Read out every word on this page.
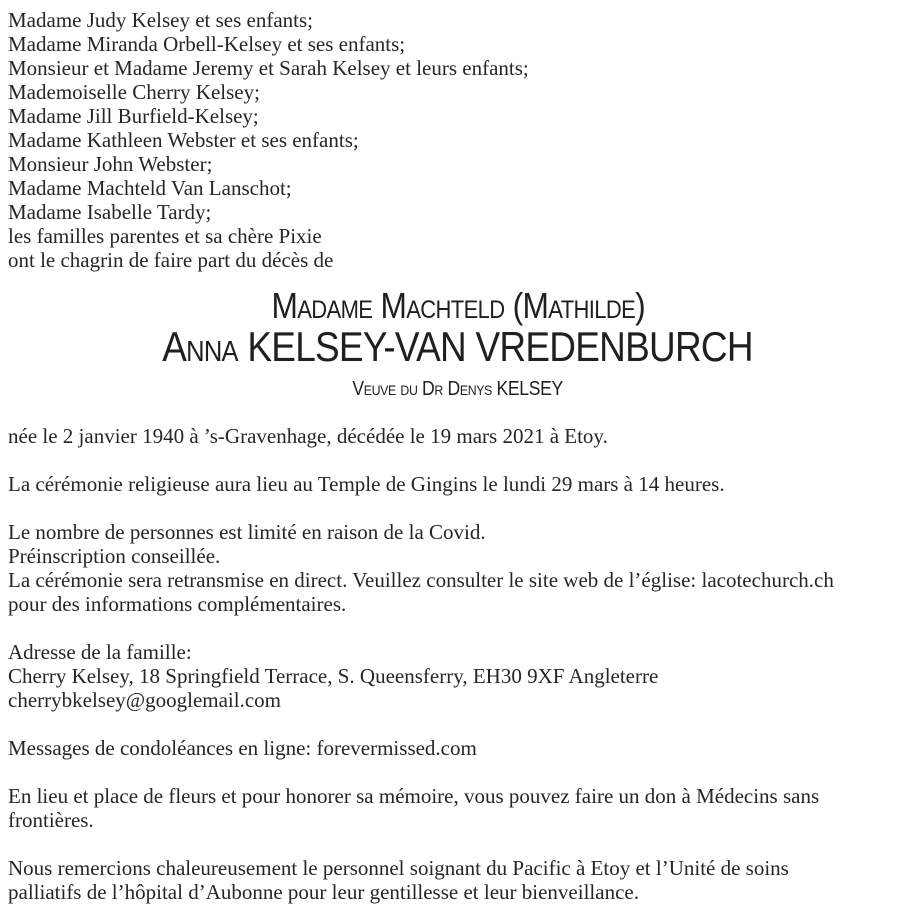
Madame Judy Kelsey et ses enfants;
Madame Miranda Orbell-Kelsey et ses enfants;
Monsieur et Madame Jeremy et Sarah Kelsey et leurs enfants;
Mademoiselle Cherry Kelsey;
Madame Jill Burfield-Kelsey;
Madame Kathleen Webster et ses enfants;
Monsieur John Webster;
Madame Machteld Van Lanschot;
Madame Isabelle Tardy;
les familles parentes et sa chère Pixie
ont le chagrin de faire part du décès de
Madame Machteld (Mathilde)
Anna KELSEY-VAN VREDENBURCH
Veuve du Dr Denys KELSEY
née le 2 janvier 1940 à ’s-Gravenhage, décédée le 19 mars 2021 à Etoy.
La cérémonie religieuse aura lieu au Temple de Gingins le lundi 29 mars à 14 heures.
Le nombre de personnes est limité en raison de la Covid.
Préinscription conseillée.
La cérémonie sera retransmise en direct. Veuillez consulter le site web de l’église: lacotechurch.ch
pour des informations complémentaires.
Adresse de la famille:
Cherry Kelsey, 18 Springfield Terrace, S. Queensferry, EH30 9XF Angleterre
cherrybkelsey@googlemail.com
Messages de condoléances en ligne: forevermissed.com
En lieu et place de fleurs et pour honorer sa mémoire, vous pouvez faire un don à Médecins sans
frontières.
Nous remercions chaleureusement le personnel soignant du Pacific à Etoy et l’Unité de soins
palliatifs de l’hôpital d’Aubonne pour leur gentillesse et leur bienveillance.
